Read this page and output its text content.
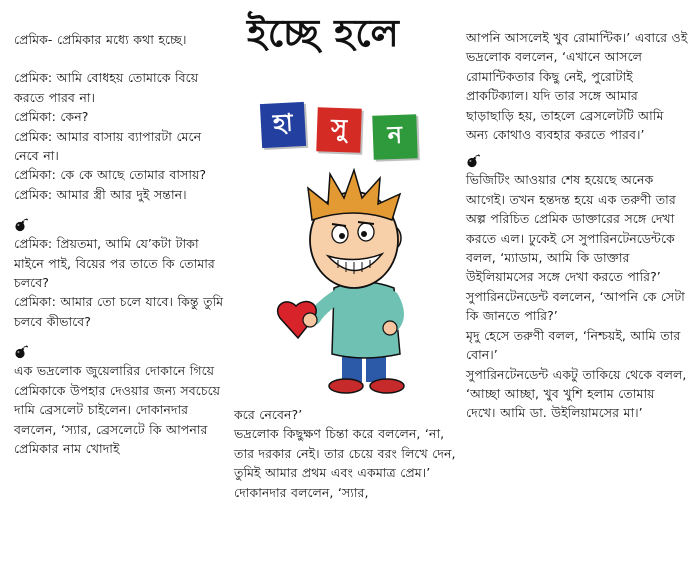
প্রেমিক- প্রেমিকার মধ্যে কথা হচ্ছে।

প্রেমিক: আমি বোধহয় তোমাকে বিয়ে করতে পারব না।

প্রেমিকা: কেন?

প্রেমিক: আমার বাসায় ব্যাপারটা মেনে নেবে না।

প্রেমিকা: কে কে আছে তোমার বাসায়?

প্রেমিক: আমার স্ত্রী আর দুই সন্তান।

প্রেমিক: প্রিয়তমা, আমি যে’কটা টাকা মাইনে পাই, বিয়ের পর তাতে কি তোমার চলবে?

প্রেমিকা: আমার তো চলে যাবে। কিন্তু তুমি চলবে কীভাবে?

এক ভদ্রলোক জুয়েলারির দোকানে গিয়ে প্রেমিকাকে উপহার দেওয়ার জন্য সবচেয়ে দামি ব্রেসলেট চাইলেন। দোকানদার বললেন, ‘স্যার, ব্রেসলেটে কি আপনার প্রেমিকার নাম খোদাই

ইচ্ছে হলে
হা	সু	ন

করে নেবেন?’

ভদ্রলোক কিছুক্ষণ চিন্তা করে বললেন, ‘না, তার দরকার নেই। তার চেয়ে বরং লিখে দেন, তুমিই আমার প্রথম এবং একমাত্র প্রেম।’

দোকানদার বললেন, ‘স্যার,

আপনি আসলেই খুব রোমান্টিক।’ এবারে ওই ভদ্রলোক বললেন, ‘এখানে আসলে রোমান্টিকতার কিছু নেই, পুরোটাই প্রাকটিক্যাল। যদি তার সঙ্গে আমার ছাড়াছাড়ি হয়, তাহলে ব্রেসলেটটি আমি অন্য কোথাও ব্যবহার করতে পারব।’

ভিজিটিং আওয়ার শেষ হয়েছে অনেক আগেই। তখন হন্তদন্ত হয়ে এক তরুণী তার অল্প পরিচিত প্রেমিক ডাক্তারের সঙ্গে দেখা করতে এল। ঢুকেই সে সুপারিনটেনডেন্টকে বলল, ‘ম্যাডাম, আমি কি ডাক্তার উইলিয়ামসের সঙ্গে দেখা করতে পারি?’ সুপারিনটেনডেন্ট বললেন, ‘আপনি কে সেটা কি জানতে পারি?’

মৃদু হেসে তরুণী বলল, ‘নিশ্চয়ই, আমি তার বোন।’

সুপারিনটেনডেন্ট একটু তাকিয়ে থেকে বলল, ‘আচ্ছা আচ্ছা, খুব খুশি হলাম তোমায় দেখে। আমি ডা. উইলিয়ামসের মা।’
